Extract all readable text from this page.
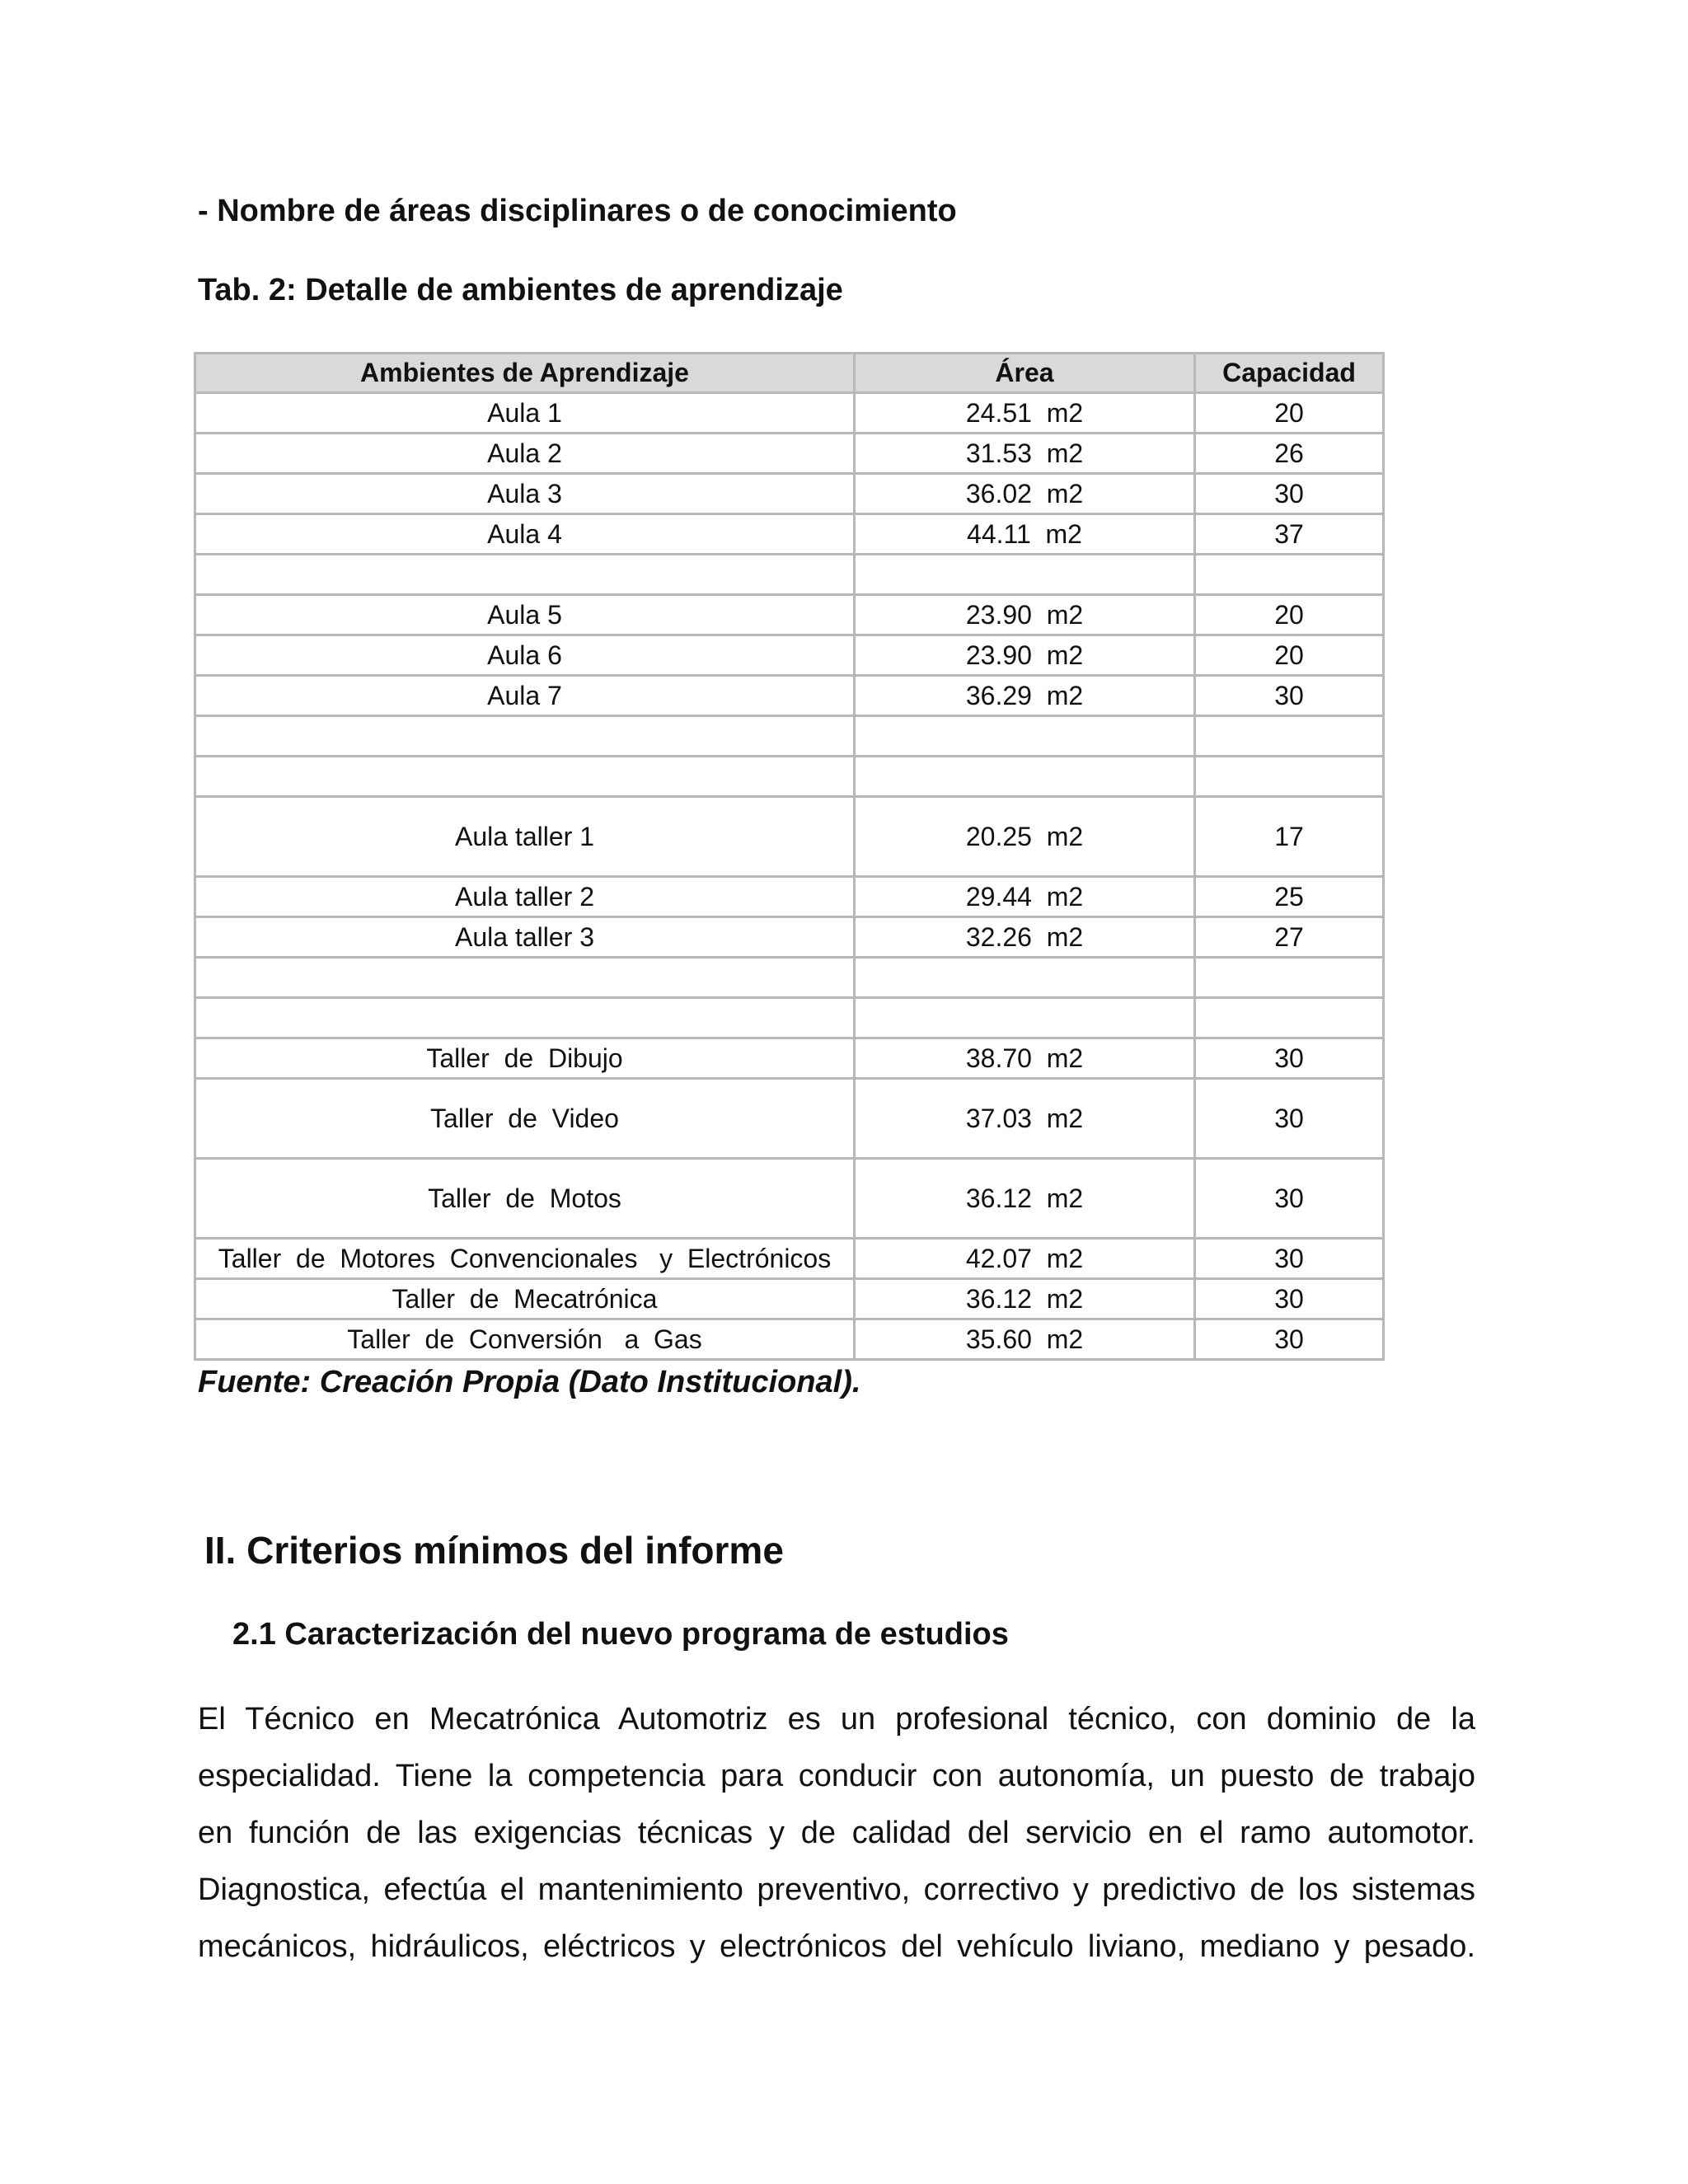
- Nombre de áreas disciplinares o de conocimiento

Tab. 2: Detalle de ambientes de aprendizaje

Ambientes de Aprendizaje	Área	Capacidad
Aula 1	24.51  m2	20
Aula 2	31.53  m2	26
Aula 3	36.02  m2	30
Aula 4	44.11  m2	37

Aula 5	23.90  m2	20
Aula 6	23.90  m2	20
Aula 7	36.29  m2	30

Aula taller 1	20.25  m2	17
Aula taller 2	29.44  m2	25
Aula taller 3	32.26  m2	27

Taller  de  Dibujo	38.70  m2	30
Taller  de  Video	37.03  m2	30
Taller  de  Motos	36.12  m2	30
Taller  de  Motores  Convencionales   y  Electrónicos	42.07  m2	30
Taller  de  Mecatrónica	36.12  m2	30
Taller  de  Conversión   a  Gas	35.60  m2	30

Fuente: Creación Propia (Dato Institucional).

II. Criterios mínimos del informe
2.1 Caracterización del nuevo programa de estudios
El Técnico en Mecatrónica Automotriz es un profesional técnico, con dominio de la
especialidad. Tiene la competencia para conducir con autonomía, un puesto de trabajo
en función de las exigencias técnicas y de calidad del servicio en el ramo automotor.
Diagnostica, efectúa el mantenimiento preventivo, correctivo y predictivo de los sistemas
mecánicos, hidráulicos, eléctricos y electrónicos del vehículo liviano, mediano y pesado.
